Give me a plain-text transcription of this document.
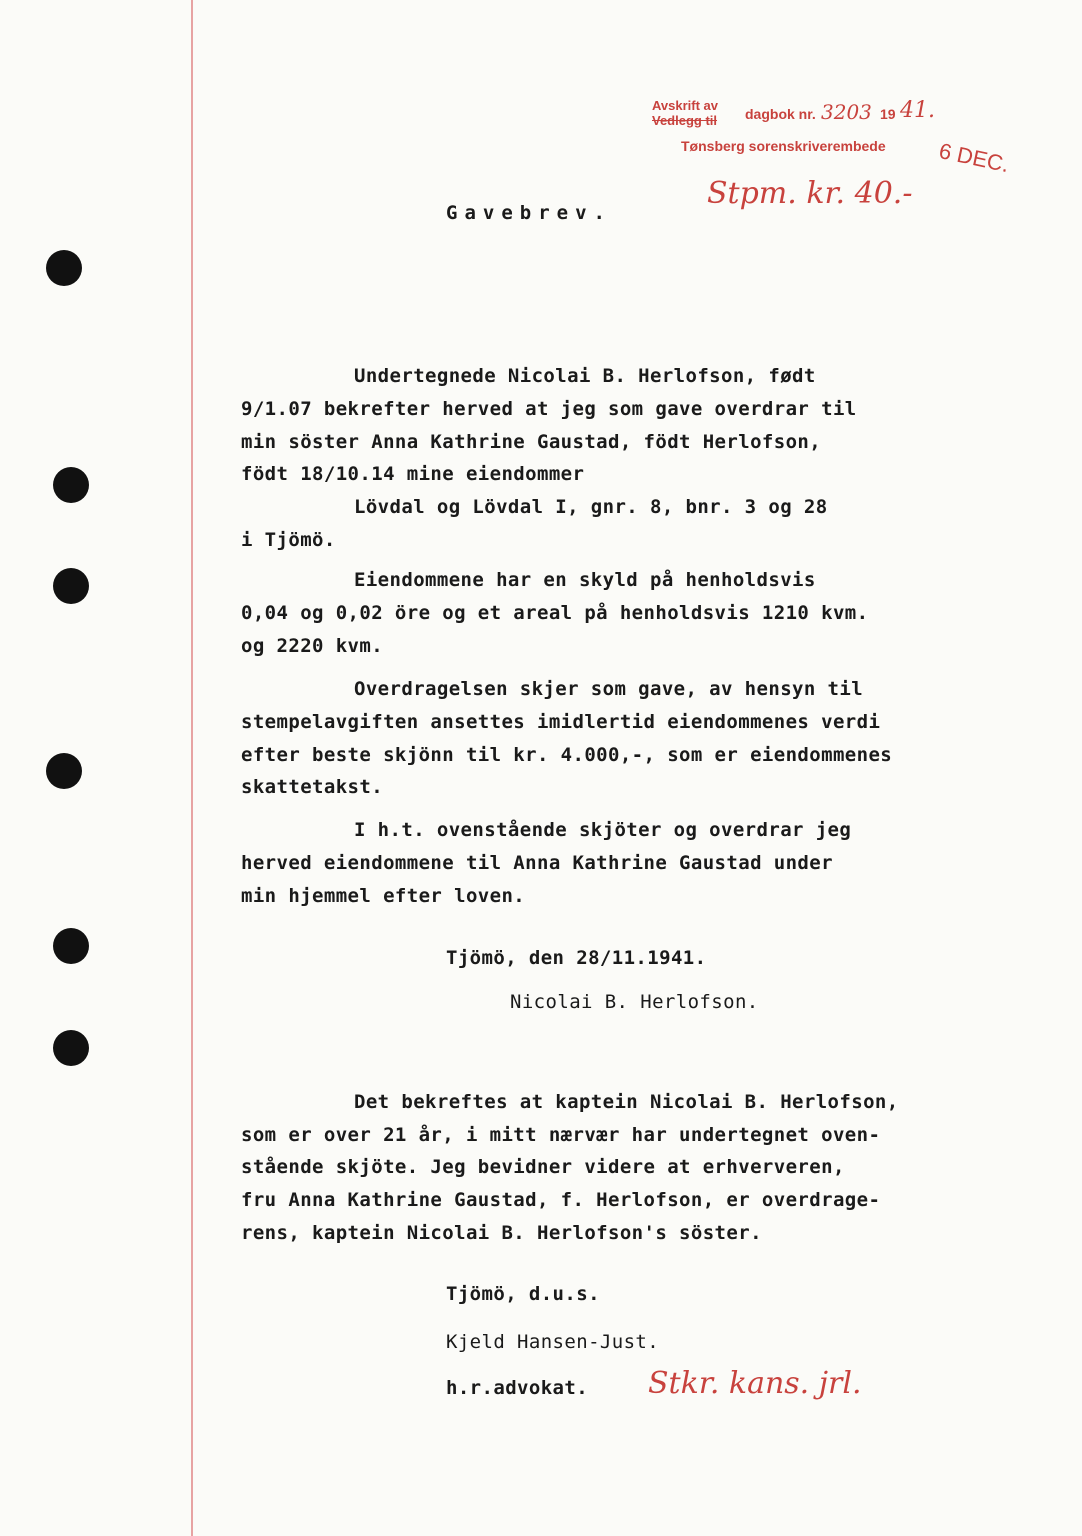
Avskrift av
Vedlegg til dagbok nr. 3203 19 41.
Tønsberg sorenskriverembede 6 DEC.
Stpm. kr. 40.-
Gavebrev.
Undertegnede Nicolai B. Herlofson, født
9/1.07 bekrefter herved at jeg som gave overdrar til
min söster Anna Kathrine Gaustad, födt Herlofson,
födt 18/10.14 mine eiendommer
Lövdal og Lövdal I, gnr. 8, bnr. 3 og 28
i Tjömö.
Eiendommene har en skyld på henholdsvis
0,04 og 0,02 öre og et areal på henholdsvis 1210 kvm.
og 2220 kvm.
Overdragelsen skjer som gave, av hensyn til
stempelavgiften ansettes imidlertid eiendommenes verdi
efter beste skjönn til kr. 4.000,-, som er eiendommenes
skattetakst.
I h.t. ovenstående skjöter og overdrar jeg
herved eiendommene til Anna Kathrine Gaustad under
min hjemmel efter loven.
Tjömö, den 28/11.1941.
Nicolai B. Herlofson.
Det bekreftes at kaptein Nicolai B. Herlofson,
som er over 21 år, i mitt nærvær har undertegnet oven-
stående skjöte. Jeg bevidner videre at erhververen,
fru Anna Kathrine Gaustad, f. Herlofson, er overdrage-
rens, kaptein Nicolai B. Herlofson's söster.
Tjömö, d.u.s.
Kjeld Hansen-Just.
h.r.advokat. Stkr. kans. jrl.
